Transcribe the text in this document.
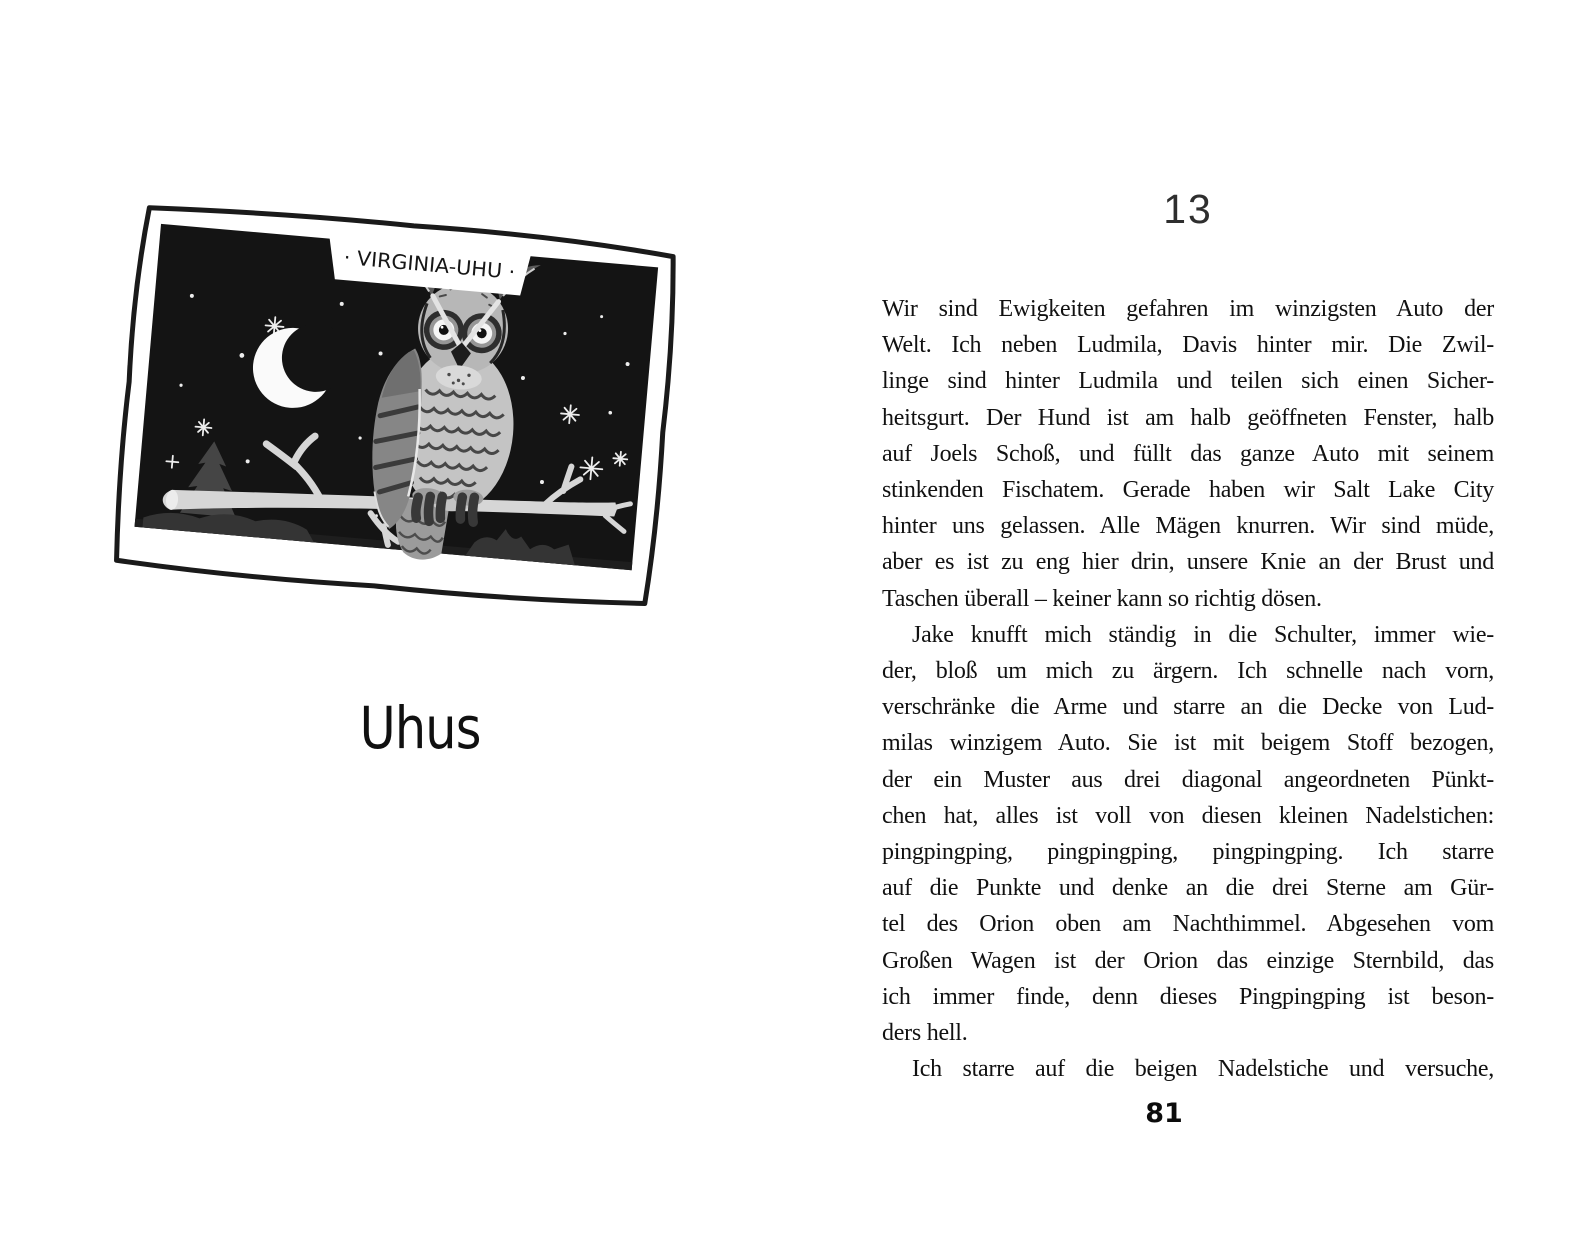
· VIRGINIA-UHU ·
Uhus
13
Wir sind Ewigkeiten gefahren im winzigsten Auto der
Welt. Ich neben Ludmila, Davis hinter mir. Die Zwil-
linge sind hinter Ludmila und teilen sich einen Sicher-
heitsgurt. Der Hund ist am halb geöffneten Fenster, halb
auf Joels Schoß, und füllt das ganze Auto mit seinem
stinkenden Fischatem. Gerade haben wir Salt Lake City
hinter uns gelassen. Alle Mägen knurren. Wir sind müde,
aber es ist zu eng hier drin, unsere Knie an der Brust und
Taschen überall – keiner kann so richtig dösen.
Jake knufft mich ständig in die Schulter, immer wie-
der, bloß um mich zu ärgern. Ich schnelle nach vorn,
verschränke die Arme und starre an die Decke von Lud-
milas winzigem Auto. Sie ist mit beigem Stoff bezogen,
der ein Muster aus drei diagonal angeordneten Pünkt-
chen hat, alles ist voll von diesen kleinen Nadelstichen:
pingpingping, pingpingping, pingpingping. Ich starre
auf die Punkte und denke an die drei Sterne am Gür-
tel des Orion oben am Nachthimmel. Abgesehen vom
Großen Wagen ist der Orion das einzige Sternbild, das
ich immer finde, denn dieses Pingpingping ist beson-
ders hell.
Ich starre auf die beigen Nadelstiche und versuche,
81
